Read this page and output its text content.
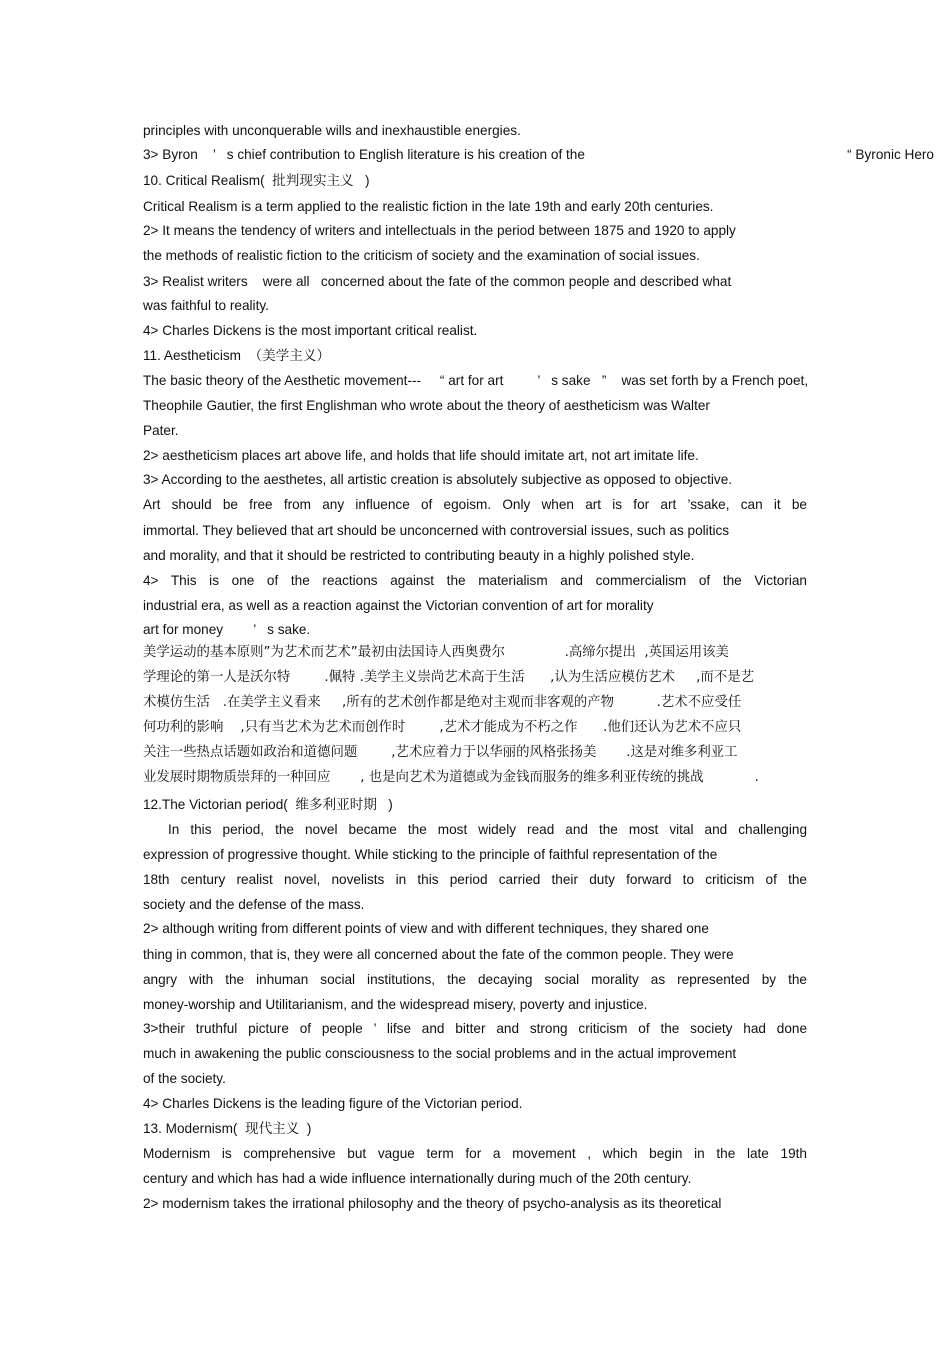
principles with unconquerable wills and inexhaustible energies.
3> Byron    ’   s chief contribution to English literature is his creation of the	“ Byronic Hero
10. Critical Realism(  批判现实主义   )
Critical Realism is a term applied to the realistic fiction in the late 19th and early 20th centuries.
2> It means the tendency of writers and intellectuals in the period between 1875 and 1920 to apply
the methods of realistic fiction to the criticism of society and the examination of social issues.
3> Realist writers    were all   concerned about the fate of the common people and described what
was faithful to reality.
4> Charles Dickens is the most important critical realist.
11. Aestheticism  （美学主义）
The basic theory of the Aesthetic movement---     “ art for art         ’   s sake   ”    was set forth by a French poet,
Theophile Gautier, the first Englishman who wrote about the theory of aestheticism was Walter
Pater.
2> aestheticism places art above life, and holds that life should imitate art, not art imitate life.
3> According to the aesthetes, all artistic creation is absolutely subjective as opposed to objective.
Art should be free from any influence of egoism. Only when art is for art ’ssake, can it be
immortal. They believed that art should be unconcerned with controversial issues, such as politics
and morality, and that it should be restricted to contributing beauty in a highly polished style.
4> This is one of the reactions against the materialism and commercialism of the Victorian
industrial era, as well as a reaction against the Victorian convention of art for morality
art for money        ’   s sake.
美学运动的基本原则”为艺术而艺术”最初由法国诗人西奥费尔              .高缔尔提出  ,英国运用该美
学理论的第一人是沃尔特        .佩特 .美学主义崇尚艺术高于生活      ,认为生活应模仿艺术     ,而不是艺
术模仿生活   .在美学主义看来     ,所有的艺术创作都是绝对主观而非客观的产物          .艺术不应受任
何功利的影响    ,只有当艺术为艺术而创作时        ,艺术才能成为不朽之作      .他们还认为艺术不应只
关注一些热点话题如政治和道德问题        ,艺术应着力于以华丽的风格张扬美       .这是对维多利亚工
业发展时期物质崇拜的一种回应       , 也是向艺术为道德或为金钱而服务的维多利亚传统的挑战            .
12.The Victorian period(  维多利亚时期   )
In this period, the novel became the most widely read and the most vital and challenging
expression of progressive thought. While sticking to the principle of faithful representation of the
18th century realist novel, novelists in this period carried their duty forward to criticism of the
society and the defense of the mass.
2> although writing from different points of view and with different techniques, they shared one
thing in common, that is, they were all concerned about the fate of the common people. They were
angry with the inhuman social institutions, the decaying social morality as represented by the
money-worship and Utilitarianism, and the widespread misery, poverty and injustice.
3>their truthful picture of people ’ lifse and bitter and strong criticism of the society had done
much in awakening the public consciousness to the social problems and in the actual improvement
of the society.
4> Charles Dickens is the leading figure of the Victorian period.
13. Modernism(  现代主义  )
Modernism is comprehensive but vague term for a movement , which begin in the late 19th
century and which has had a wide influence internationally during much of the 20th century.
2> modernism takes the irrational philosophy and the theory of psycho-analysis as its theoretical
